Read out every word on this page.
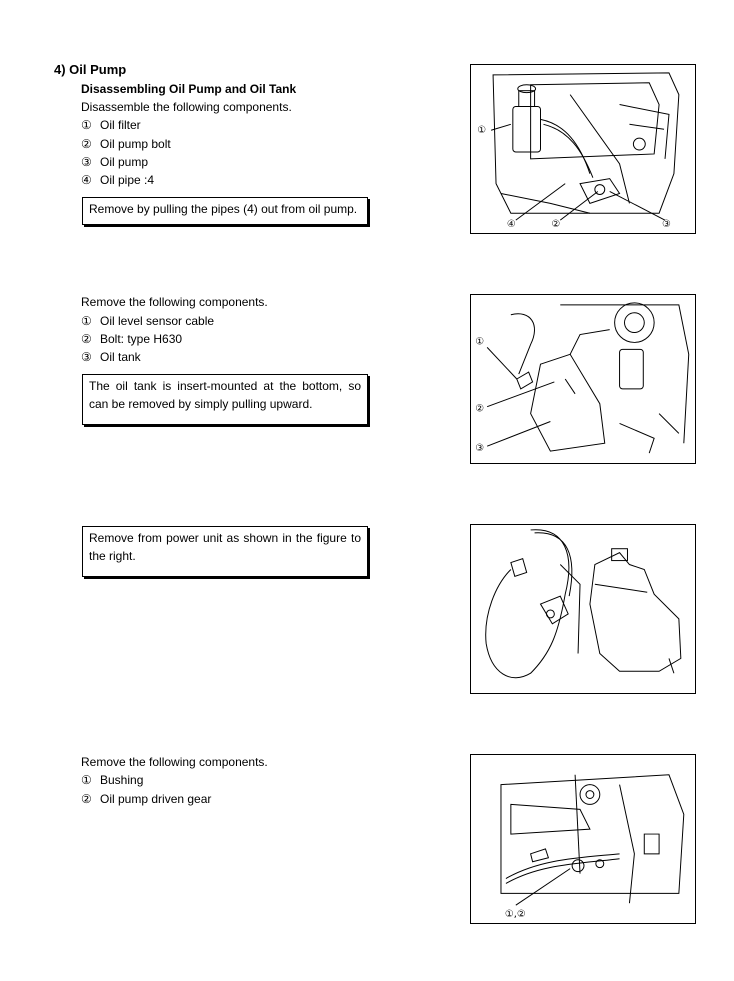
4) Oil Pump
Disassembling Oil Pump and Oil Tank
Disassemble the following components.
① Oil filter
② Oil pump bolt
③ Oil pump
④ Oil pipe :4
Remove by pulling the pipes (4) out from oil pump.
①
④	②	③
Remove the following components.
① Oil level sensor cable
② Bolt: type H630
③ Oil tank
The oil tank is insert-mounted at the bottom, so can be removed by simply pulling upward.
①
②
③
Remove from power unit as shown in the figure to the right.
Remove the following components.
① Bushing
② Oil pump driven gear
①,②
